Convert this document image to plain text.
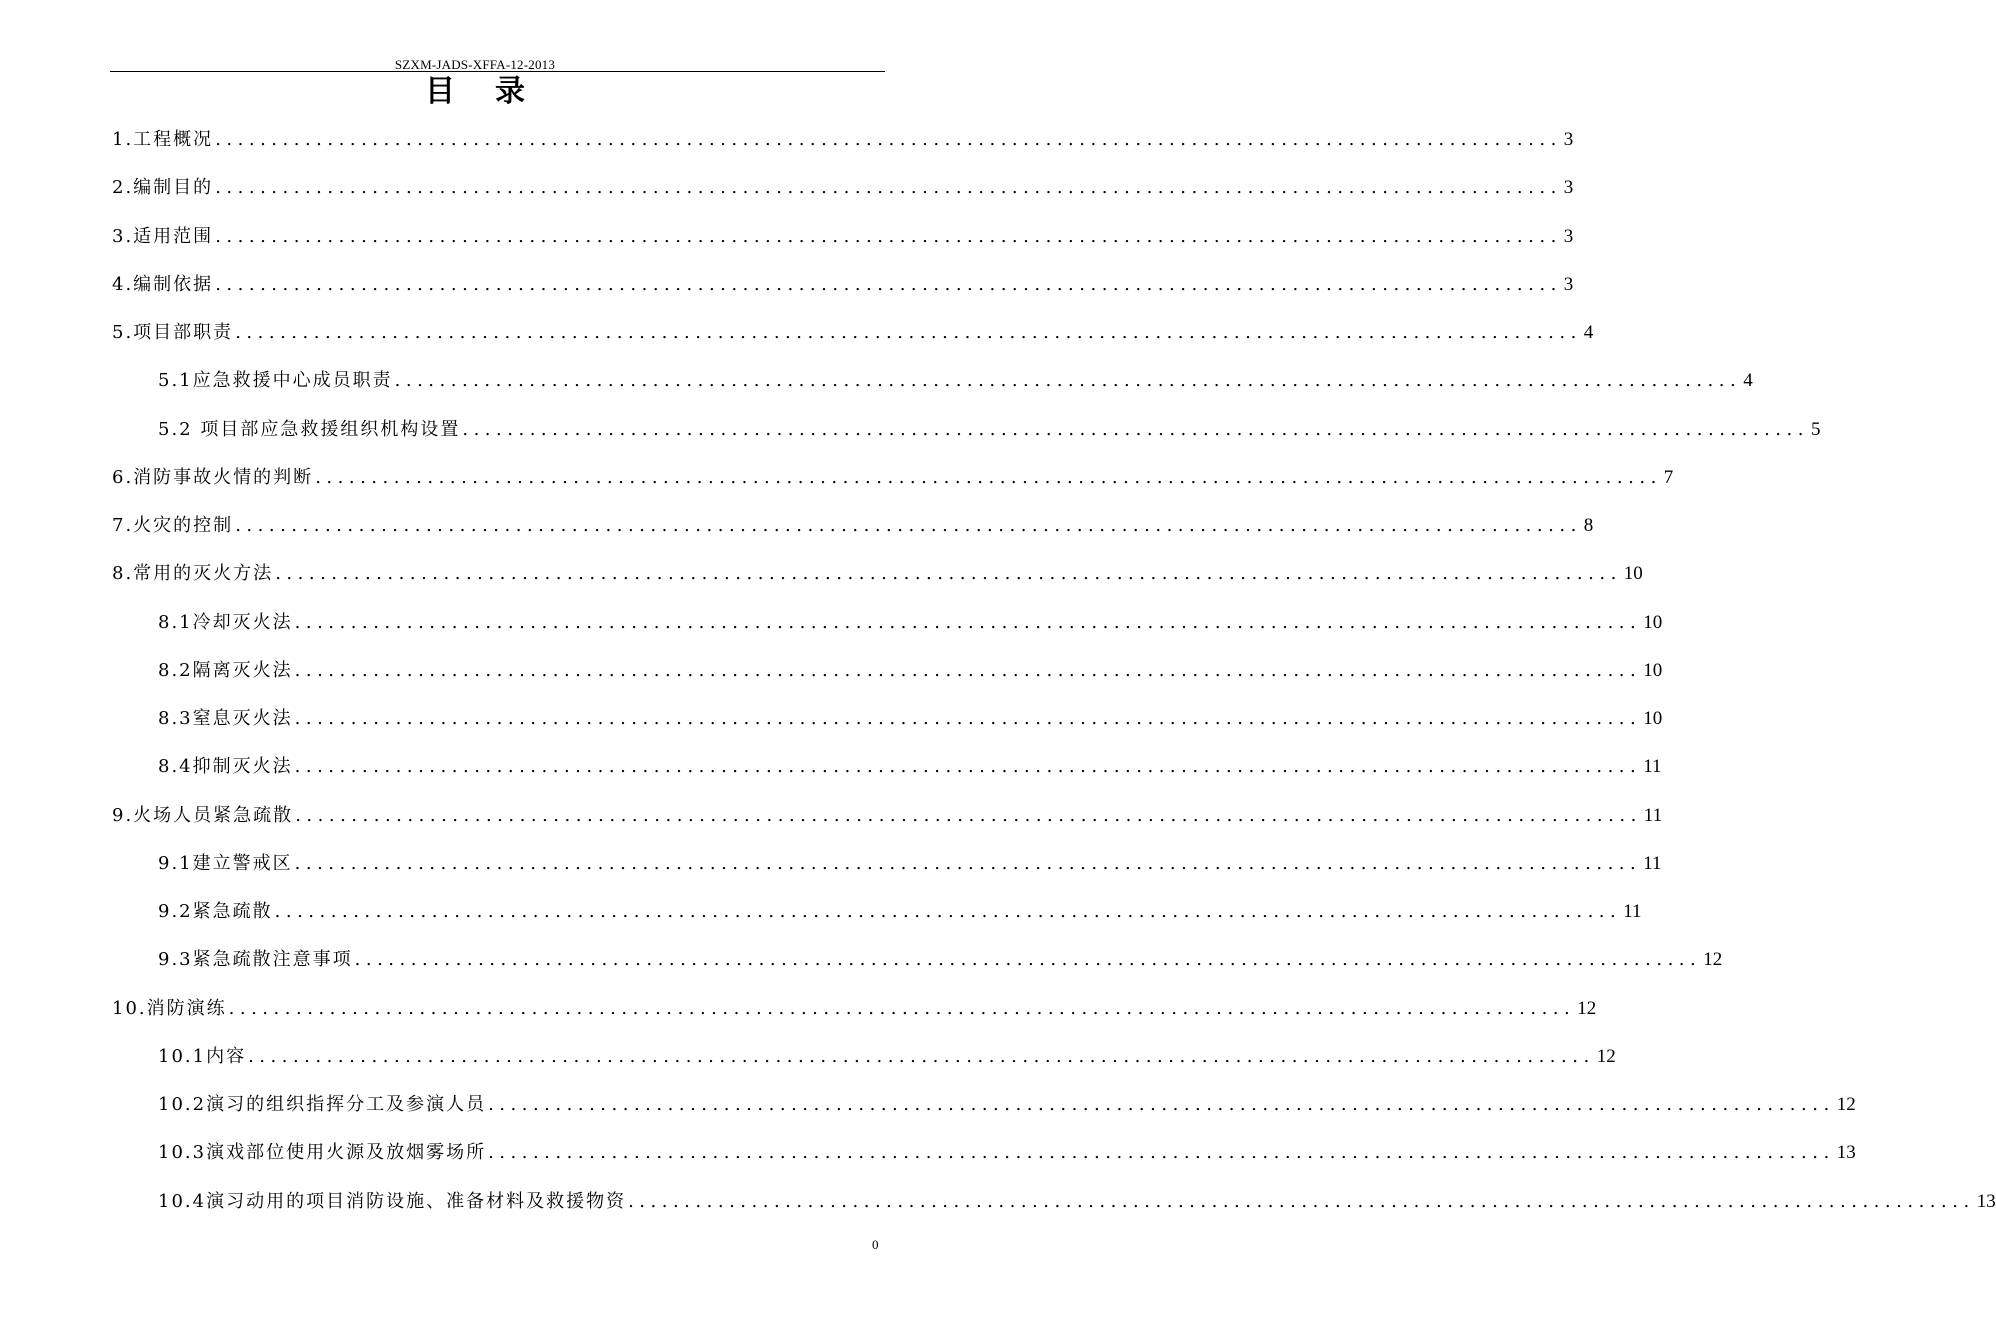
SZXM-JADS-XFFA-12-2013
目 录
1.工程概况 ........................................................................................................................ 3
2.编制目的 ........................................................................................................................ 3
3.适用范围 ........................................................................................................................ 3
4.编制依据 ........................................................................................................................ 3
5.项目部职责 ........................................................................................................................ 4
5.1应急救援中心成员职责 ........................................................................................................................ 4
5.2 项目部应急救援组织机构设置 ........................................................................................................................ 5
6.消防事故火情的判断 ........................................................................................................................ 7
7.火灾的控制 ........................................................................................................................ 8
8.常用的灭火方法 ........................................................................................................................ 10
8.1冷却灭火法 ........................................................................................................................ 10
8.2隔离灭火法 ........................................................................................................................ 10
8.3窒息灭火法 ........................................................................................................................ 10
8.4抑制灭火法 ........................................................................................................................ 11
9.火场人员紧急疏散 ........................................................................................................................ 11
9.1建立警戒区 ........................................................................................................................ 11
9.2紧急疏散 ........................................................................................................................ 11
9.3紧急疏散注意事项 ........................................................................................................................ 12
10.消防演练 ........................................................................................................................ 12
10.1内容 ........................................................................................................................ 12
10.2演习的组织指挥分工及参演人员 ........................................................................................................................ 12
10.3演戏部位使用火源及放烟雾场所 ........................................................................................................................ 13
10.4演习动用的项目消防设施、准备材料及救援物资 ........................................................................................................................ 13
0
